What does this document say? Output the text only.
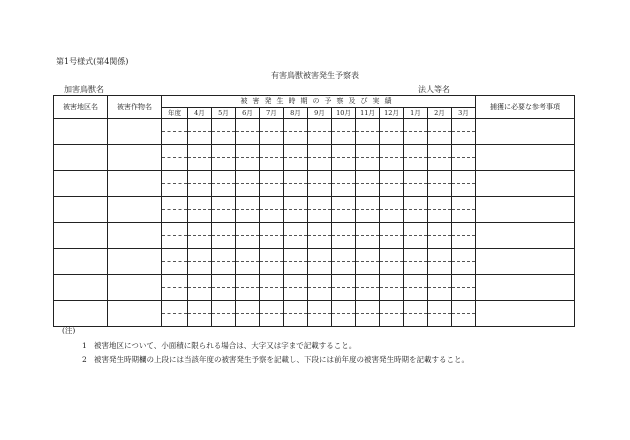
第1号様式(第4関係)
有害鳥獣被害発生予察表
加害鳥獣名	法人等名
被害地区名	被害作物名	被害発生時期の予察及び実績													捕獲に必要な参考事項
		年度	4月	5月	6月	7月	8月	9月	10月	11月	12月	1月	2月	3月	

(注)
1 被害地区について、小面積に限られる場合は、大字又は字まで記載すること。
2 被害発生時期欄の上段には当該年度の被害発生予察を記載し、下段には前年度の被害発生時期を記載すること。
